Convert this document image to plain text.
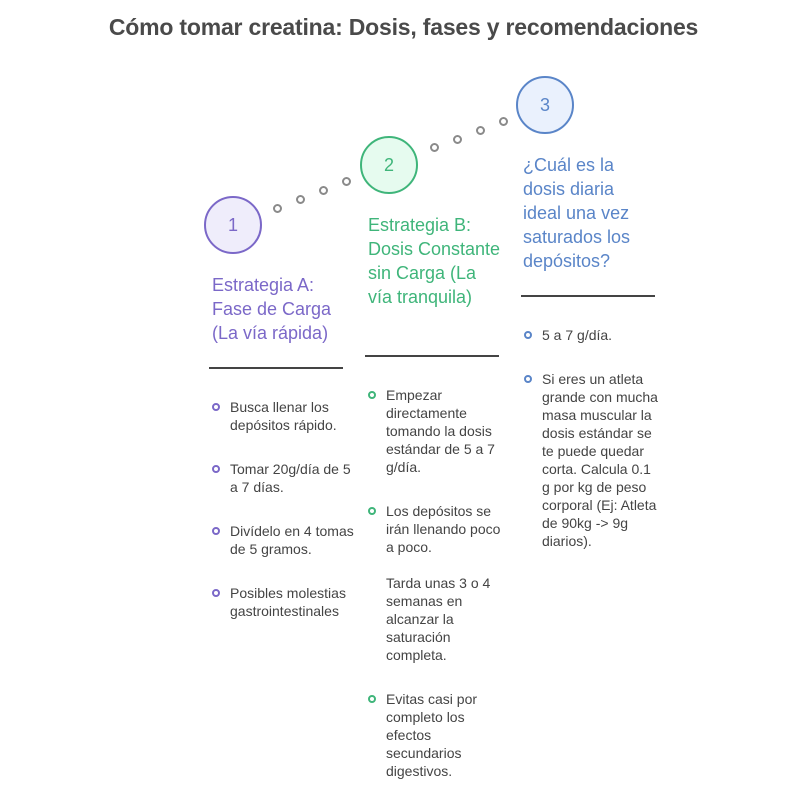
Cómo tomar creatina: Dosis, fases y recomendaciones
1
2
3
Estrategia A: Fase de Carga (La vía rápida)
Estrategia B: Dosis Constante sin Carga (La vía tranquila)
¿Cuál es la dosis diaria ideal una vez saturados los depósitos?
Busca llenar los depósitos rápido.
Tomar 20g/día de 5 a 7 días.
Divídelo en 4 tomas de 5 gramos.
Posibles molestias gastrointestinales
Empezar directamente tomando la dosis estándar de 5 a 7 g/día.
Los depósitos se irán llenando poco a poco.
Tarda unas 3 o 4 semanas en alcanzar la saturación completa.
Evitas casi por completo los efectos secundarios digestivos.
5 a 7 g/día.
Si eres un atleta grande con mucha masa muscular la dosis estándar se te puede quedar corta. Calcula 0.1 g por kg de peso corporal (Ej: Atleta de 90kg -> 9g diarios).
